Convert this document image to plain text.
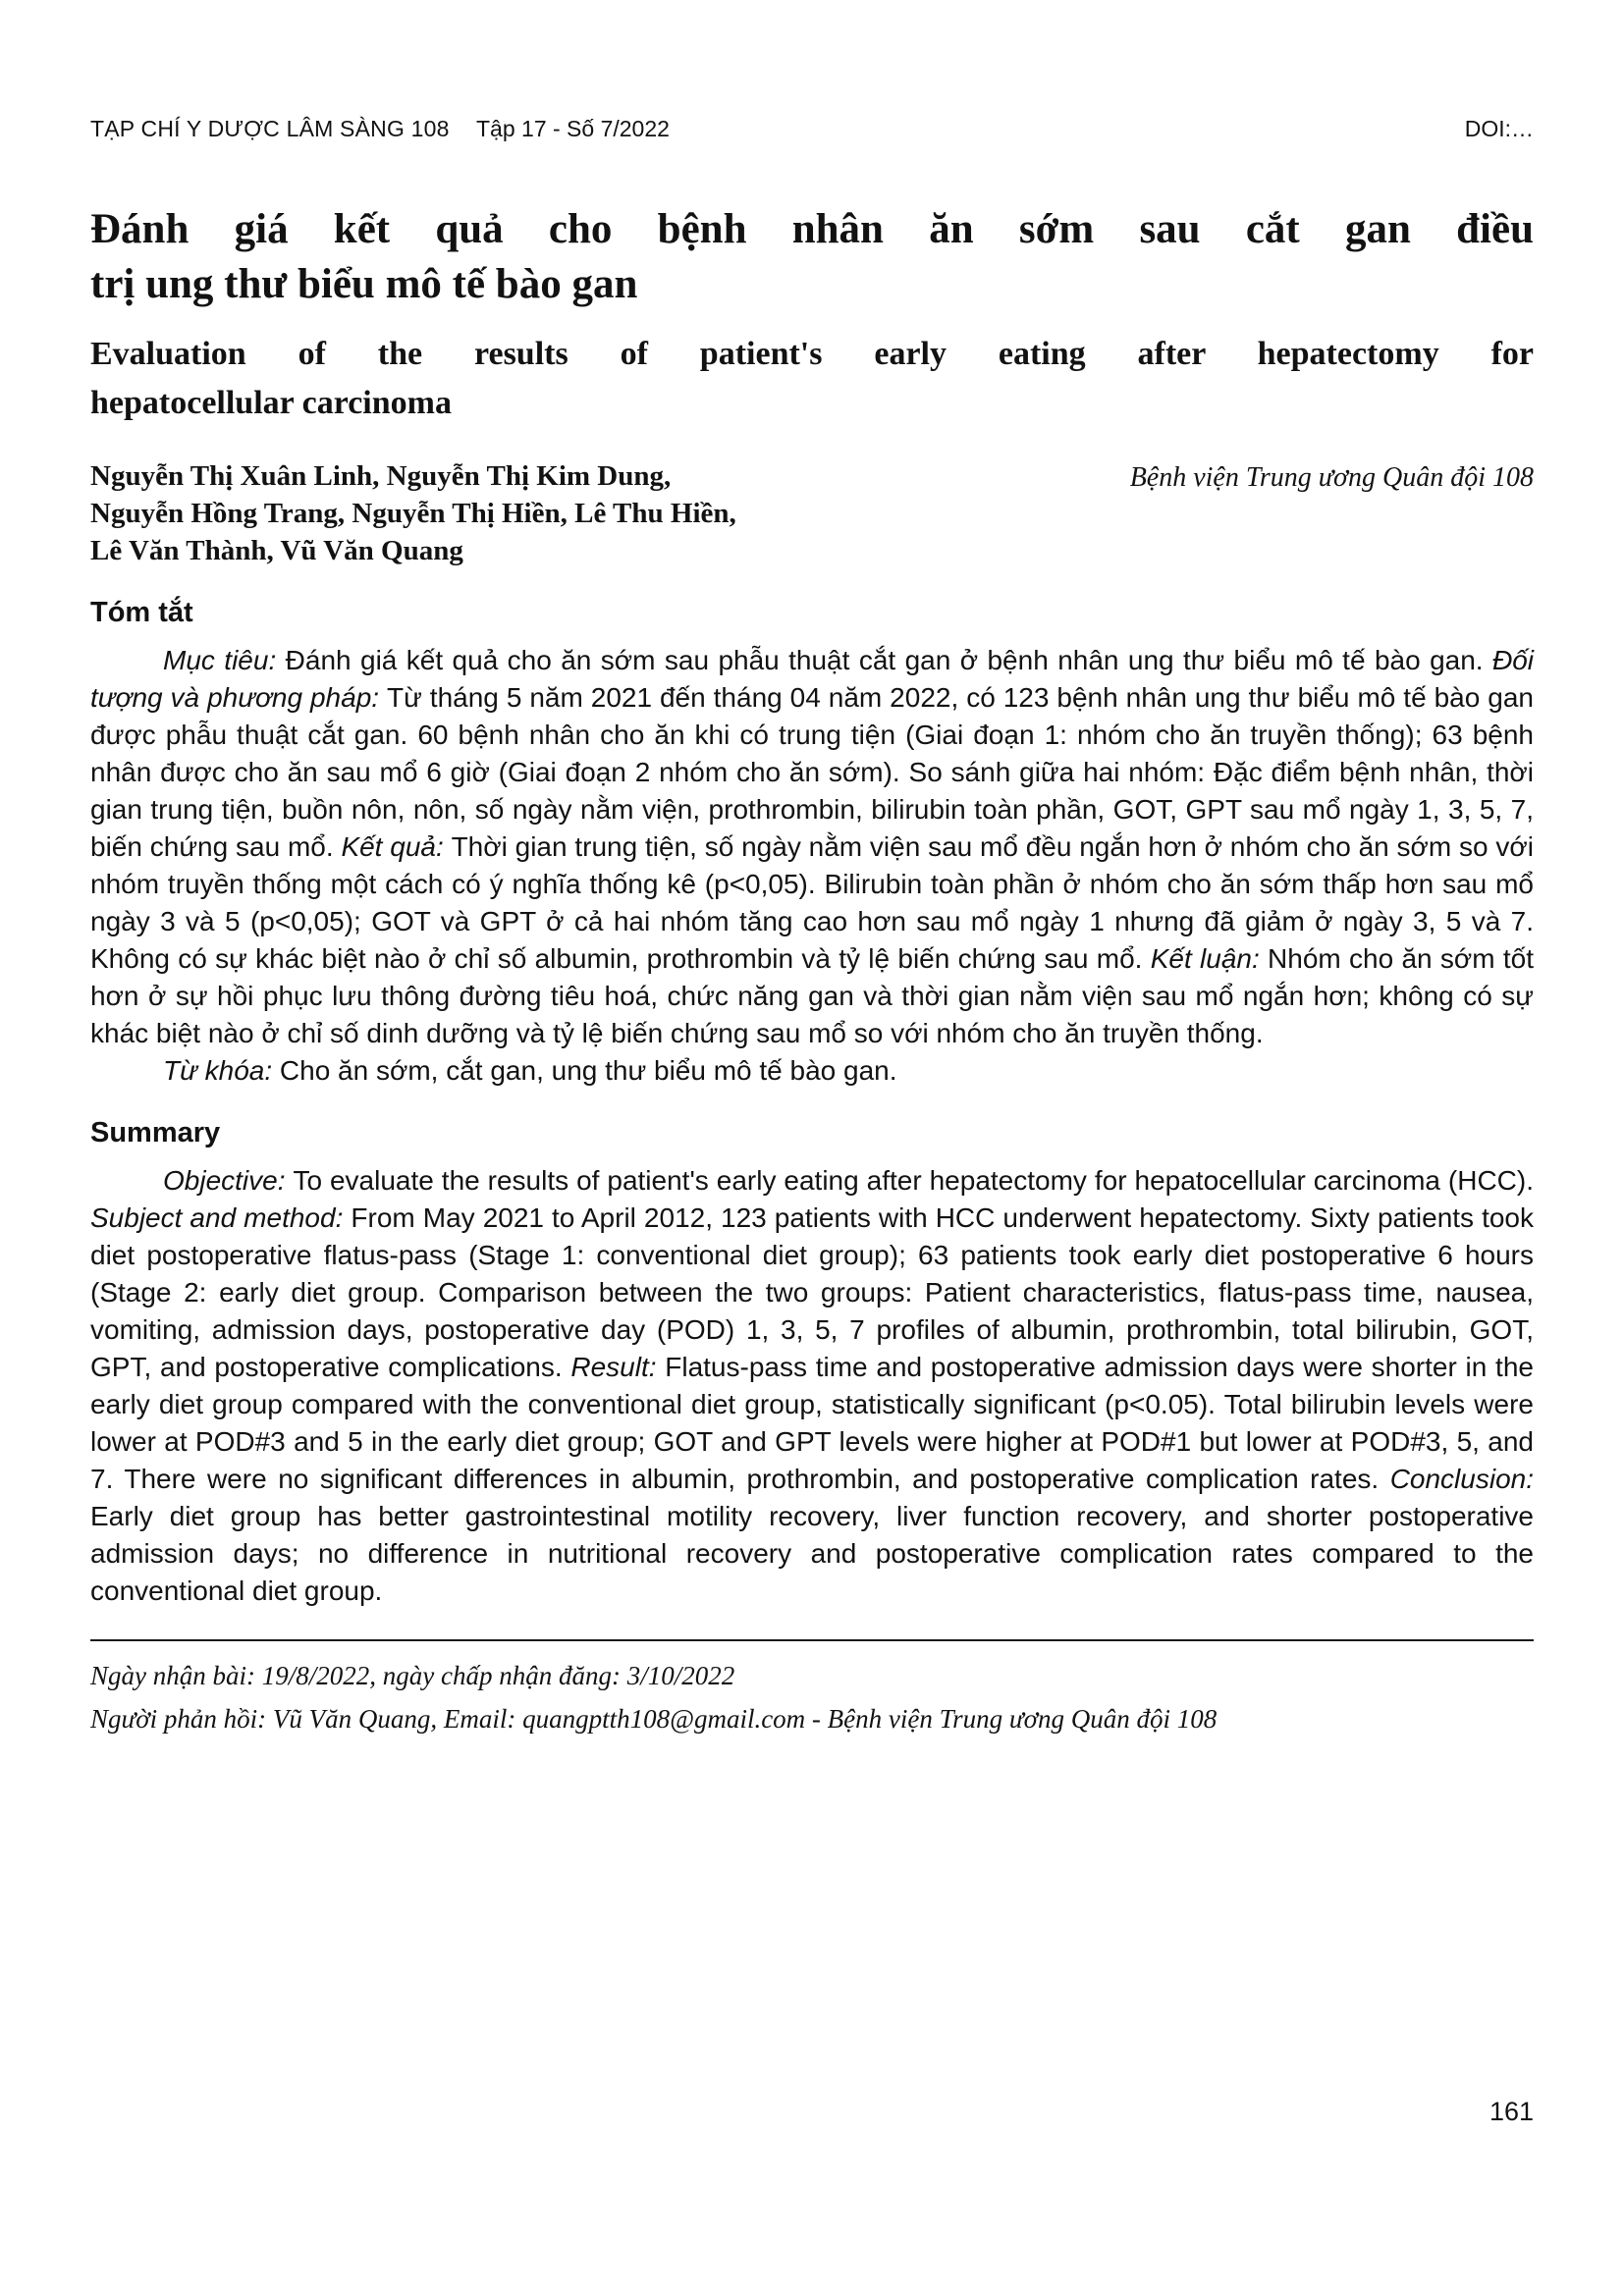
TẠP CHÍ Y DƯỢC LÂM SÀNG 108 Tập 17 - Số 7/2022	DOI:…
Đánh giá kết quả cho bệnh nhân ăn sớm sau cắt gan điều
trị ung thư biểu mô tế bào gan
Evaluation of the results of patient's early eating after hepatectomy for
hepatocellular carcinoma
Nguyễn Thị Xuân Linh, Nguyễn Thị Kim Dung,
Nguyễn Hồng Trang, Nguyễn Thị Hiền, Lê Thu Hiền,
Lê Văn Thành, Vũ Văn Quang
Bệnh viện Trung ương Quân đội 108
Tóm tắt

Mục tiêu: Đánh giá kết quả cho ăn sớm sau phẫu thuật cắt gan ở bệnh nhân ung thư biểu mô tế bào gan. Đối tượng và phương pháp: Từ tháng 5 năm 2021 đến tháng 04 năm 2022, có 123 bệnh nhân ung thư biểu mô tế bào gan được phẫu thuật cắt gan. 60 bệnh nhân cho ăn khi có trung tiện (Giai đoạn 1: nhóm cho ăn truyền thống); 63 bệnh nhân được cho ăn sau mổ 6 giờ (Giai đoạn 2 nhóm cho ăn sớm). So sánh giữa hai nhóm: Đặc điểm bệnh nhân, thời gian trung tiện, buồn nôn, nôn, số ngày nằm viện, prothrombin, bilirubin toàn phần, GOT, GPT sau mổ ngày 1, 3, 5, 7, biến chứng sau mổ. Kết quả: Thời gian trung tiện, số ngày nằm viện sau mổ đều ngắn hơn ở nhóm cho ăn sớm so với nhóm truyền thống một cách có ý nghĩa thống kê (p<0,05). Bilirubin toàn phần ở nhóm cho ăn sớm thấp hơn sau mổ ngày 3 và 5 (p<0,05); GOT và GPT ở cả hai nhóm tăng cao hơn sau mổ ngày 1 nhưng đã giảm ở ngày 3, 5 và 7. Không có sự khác biệt nào ở chỉ số albumin, prothrombin và tỷ lệ biến chứng sau mổ. Kết luận: Nhóm cho ăn sớm tốt hơn ở sự hồi phục lưu thông đường tiêu hoá, chức năng gan và thời gian nằm viện sau mổ ngắn hơn; không có sự khác biệt nào ở chỉ số dinh dưỡng và tỷ lệ biến chứng sau mổ so với nhóm cho ăn truyền thống.

Từ khóa: Cho ăn sớm, cắt gan, ung thư biểu mô tế bào gan.

Summary

Objective: To evaluate the results of patient's early eating after hepatectomy for hepatocellular carcinoma (HCC). Subject and method: From May 2021 to April 2012, 123 patients with HCC underwent hepatectomy. Sixty patients took diet postoperative flatus-pass (Stage 1: conventional diet group); 63 patients took early diet postoperative 6 hours (Stage 2: early diet group. Comparison between the two groups: Patient characteristics, flatus-pass time, nausea, vomiting, admission days, postoperative day (POD) 1, 3, 5, 7 profiles of albumin, prothrombin, total bilirubin, GOT, GPT, and postoperative complications. Result: Flatus-pass time and postoperative admission days were shorter in the early diet group compared with the conventional diet group, statistically significant (p<0.05). Total bilirubin levels were lower at POD#3 and 5 in the early diet group; GOT and GPT levels were higher at POD#1 but lower at POD#3, 5, and 7. There were no significant differences in albumin, prothrombin, and postoperative complication rates. Conclusion: Early diet group has better gastrointestinal motility recovery, liver function recovery, and shorter postoperative admission days; no difference in nutritional recovery and postoperative complication rates compared to the conventional diet group.

Ngày nhận bài: 19/8/2022, ngày chấp nhận đăng: 3/10/2022
Người phản hồi: Vũ Văn Quang, Email: quangptth108@gmail.com - Bệnh viện Trung ương Quân đội 108
161
